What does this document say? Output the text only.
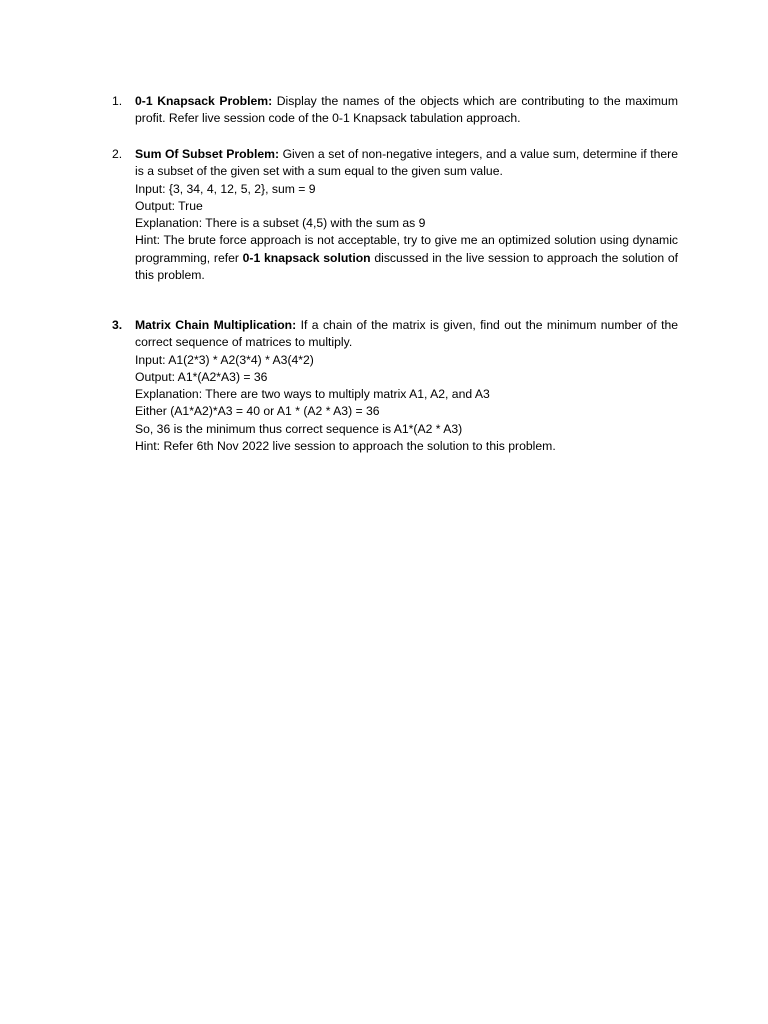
1. 0-1 Knapsack Problem: Display the names of the objects which are contributing to the maximum profit. Refer live session code of the 0-1 Knapsack tabulation approach.
2. Sum Of Subset Problem: Given a set of non-negative integers, and a value sum, determine if there is a subset of the given set with a sum equal to the given sum value.
Input: {3, 34, 4, 12, 5, 2}, sum = 9
Output: True
Explanation: There is a subset (4,5) with the sum as 9
Hint: The brute force approach is not acceptable, try to give me an optimized solution using dynamic programming, refer 0-1 knapsack solution discussed in the live session to approach the solution of this problem.
3. Matrix Chain Multiplication: If a chain of the matrix is given, find out the minimum number of the correct sequence of matrices to multiply.
Input: A1(2*3) * A2(3*4) * A3(4*2)
Output: A1*(A2*A3) = 36
Explanation: There are two ways to multiply matrix A1, A2, and A3
Either (A1*A2)*A3 = 40 or A1 * (A2 * A3) = 36
So, 36 is the minimum thus correct sequence is A1*(A2 * A3)
Hint: Refer 6th Nov 2022 live session to approach the solution to this problem.
